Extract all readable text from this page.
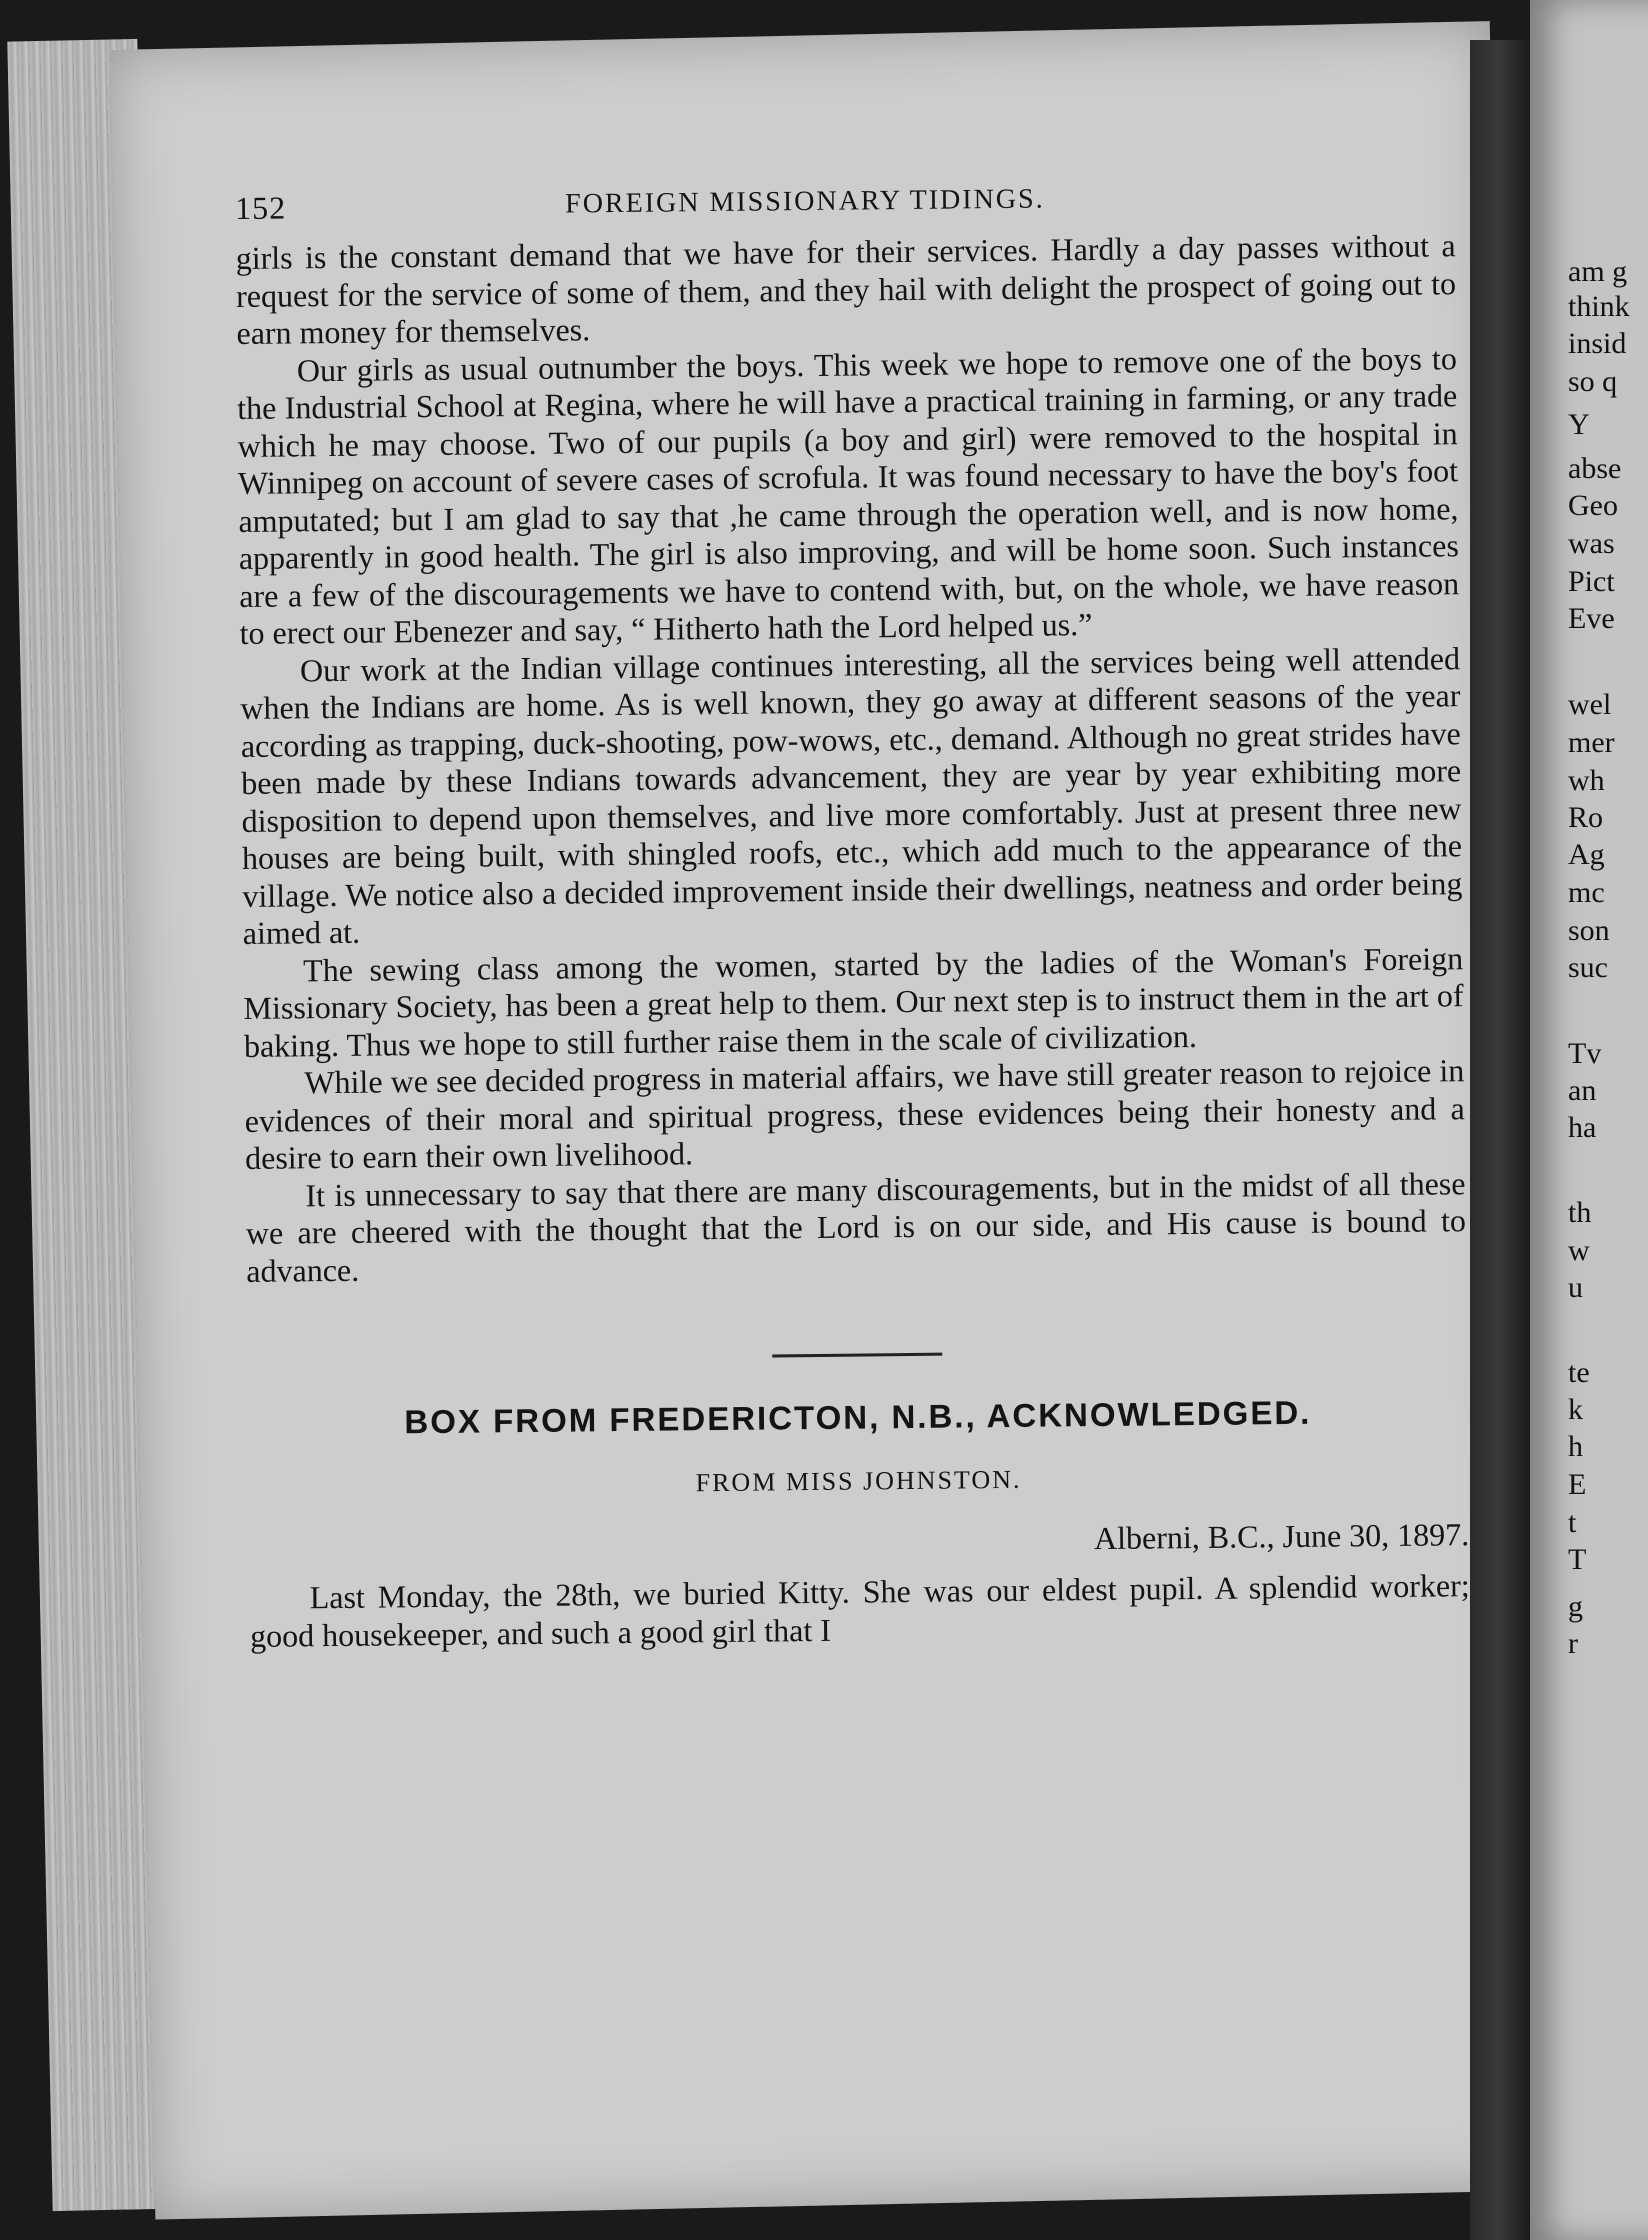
am g
think
insid
so q
Y
abse
Geo
was
Pict
Eve
wel
mer
wh
Ro
Ag
mc
son
suc
Tv
an
ha
th
w
u
te
k
h
E
t
T
g
r
152	FOREIGN MISSIONARY TIDINGS.

girls is the constant demand that we have for their services. Hardly a day passes without a request for the service of some of them, and they hail with delight the prospect of going out to earn money for themselves.

Our girls as usual outnumber the boys. This week we hope to remove one of the boys to the Industrial School at Regina, where he will have a practical training in farming, or any trade which he may choose. Two of our pupils (a boy and girl) were removed to the hospital in Winnipeg on account of severe cases of scrofula. It was found necessary to have the boy's foot amputated; but I am glad to say that ,he came through the operation well, and is now home, apparently in good health. The girl is also improving, and will be home soon. Such instances are a few of the discouragements we have to contend with, but, on the whole, we have reason to erect our Ebenezer and say, “ Hitherto hath the Lord helped us.”

Our work at the Indian village continues interesting, all the services being well attended when the Indians are home. As is well known, they go away at different seasons of the year according as trapping, duck-shooting, pow-wows, etc., demand. Although no great strides have been made by these Indians towards advancement, they are year by year exhibiting more disposition to depend upon themselves, and live more comfortably. Just at present three new houses are being built, with shingled roofs, etc., which add much to the appearance of the village. We notice also a decided improvement inside their dwellings, neatness and order being aimed at.

The sewing class among the women, started by the ladies of the Woman's Foreign Missionary Society, has been a great help to them. Our next step is to instruct them in the art of baking. Thus we hope to still further raise them in the scale of civilization.

While we see decided progress in material affairs, we have still greater reason to rejoice in evidences of their moral and spiritual progress, these evidences being their honesty and a desire to earn their own livelihood.

It is unnecessary to say that there are many discouragements, but in the midst of all these we are cheered with the thought that the Lord is on our side, and His cause is bound to advance.

BOX FROM FREDERICTON, N.B., ACKNOWLEDGED.
FROM MISS JOHNSTON.
Alberni, B.C., June 30, 1897.

Last Monday, the 28th, we buried Kitty. She was our eldest pupil. A splendid worker; good housekeeper, and such a good girl that I
